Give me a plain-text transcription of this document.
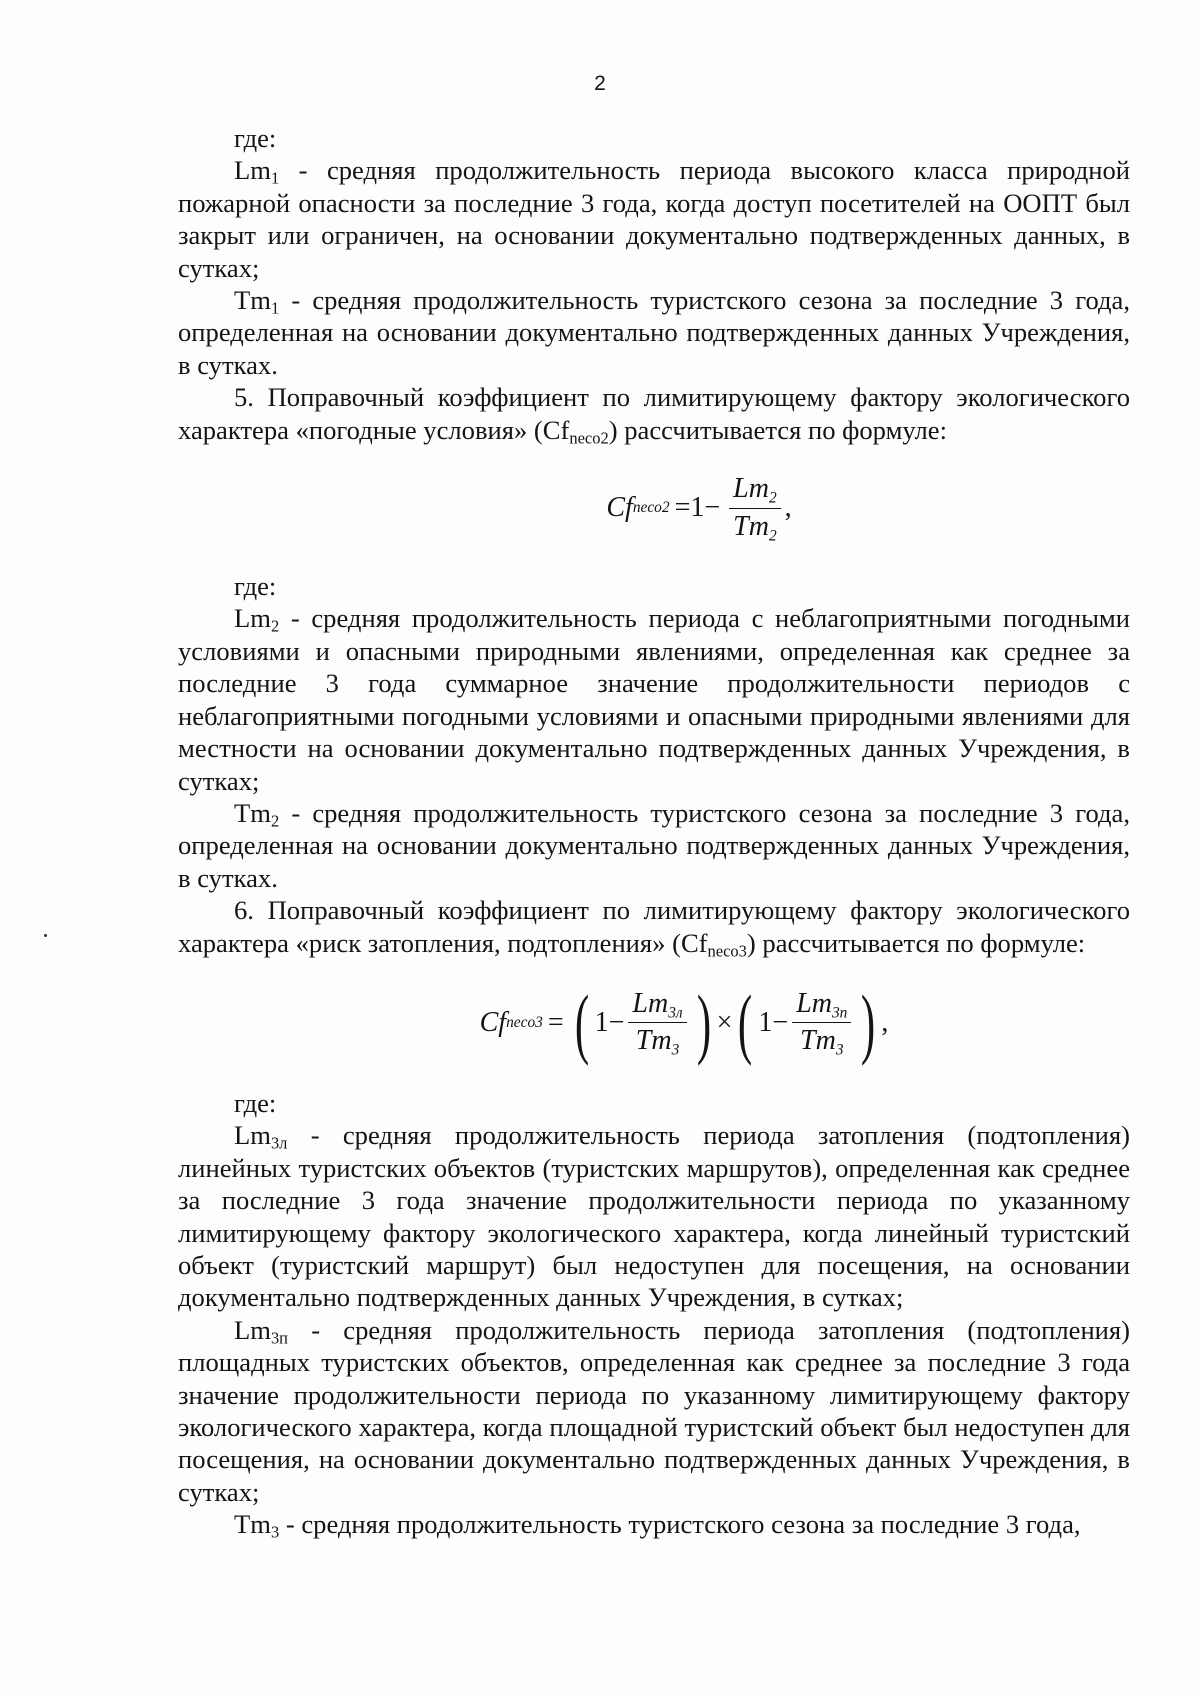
2

где:

$Lm_1$ - средняя продолжительность периода высокого класса природной пожарной опасности за последние 3 года, когда доступ посетителей на ООПТ был закрыт или ограничен, на основании документально подтвержденных данных, в сутках;

$Tm_1$ - средняя продолжительность туристского сезона за последние 3 года, определенная на основании документально подтвержденных данных Учреждения, в сутках.

5. Поправочный коэффициент по лимитирующему фактору экологического характера «погодные условия» $(Cf_{neco2})$ рассчитывается по формуле:

Cf neco2 $=1- \frac{Lm2}{Tm2}$ ,

где:

$Lm_2$ - средняя продолжительность периода с неблагоприятными погодными условиями и опасными природными явлениями, определенная как среднее за последние 3 года суммарное значение продолжительности периодов с неблагоприятными погодными условиями и опасными природными явлениями для местности на основании документально подтвержденных данных Учреждения, в сутках;

$Tm_2$ - средняя продолжительность туристского сезона за последние 3 года, определенная на основании документально подтвержденных данных Учреждения, в сутках.

6. Поправочный коэффициент по лимитирующему фактору экологического характера «риск затопления, подтопления» $(Cf_{neco3})$ рассчитывается по формуле:

Cf neco3 = ( $1- \frac{Lm3л}{Tm3}$ ) × ( $1- \frac{Lm3п}{Tm3}$ ) ,

где:

$Lm_{3л}$ - средняя продолжительность периода затопления (подтопления) линейных туристских объектов (туристских маршрутов), определенная как среднее за последние 3 года значение продолжительности периода по указанному лимитирующему фактору экологического характера, когда линейный туристский объект (туристский маршрут) был недоступен для посещения, на основании документально подтвержденных данных Учреждения, в сутках;

$Lm_{3п}$ - средняя продолжительность периода затопления (подтопления) площадных туристских объектов, определенная как среднее за последние 3 года значение продолжительности периода по указанному лимитирующему фактору экологического характера, когда площадной туристский объект был недоступен для посещения, на основании документально подтвержденных данных Учреждения, в сутках;

$Tm_3$ - средняя продолжительность туристского сезона за последние 3 года,
